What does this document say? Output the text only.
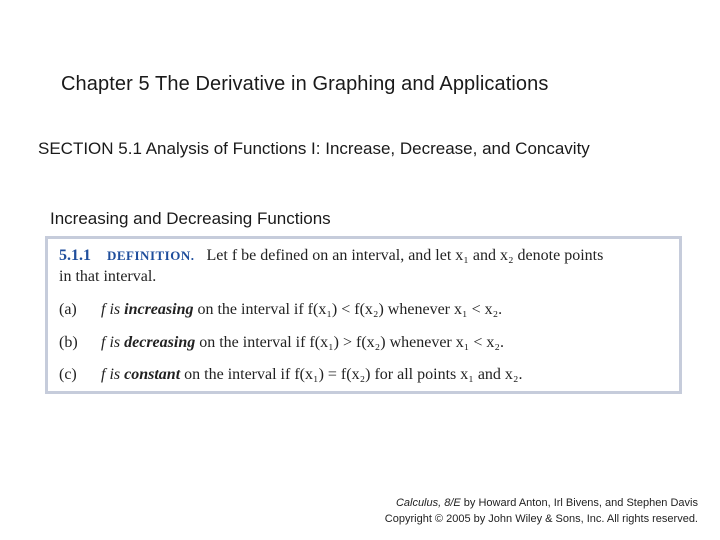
Chapter 5 The Derivative in Graphing and Applications
SECTION 5.1 Analysis of Functions I: Increase, Decrease, and Concavity
Increasing and Decreasing Functions
5.1.1 DEFINITION. Let f be defined on an interval, and let x₁ and x₂ denote points
in that interval.
(a) f is increasing on the interval if f(x₁) < f(x₂) whenever x₁ < x₂.
(b) f is decreasing on the interval if f(x₁) > f(x₂) whenever x₁ < x₂.
(c) f is constant on the interval if f(x₁) = f(x₂) for all points x₁ and x₂.
Calculus, 8/E by Howard Anton, Irl Bivens, and Stephen Davis
Copyright © 2005 by John Wiley & Sons, Inc. All rights reserved.
